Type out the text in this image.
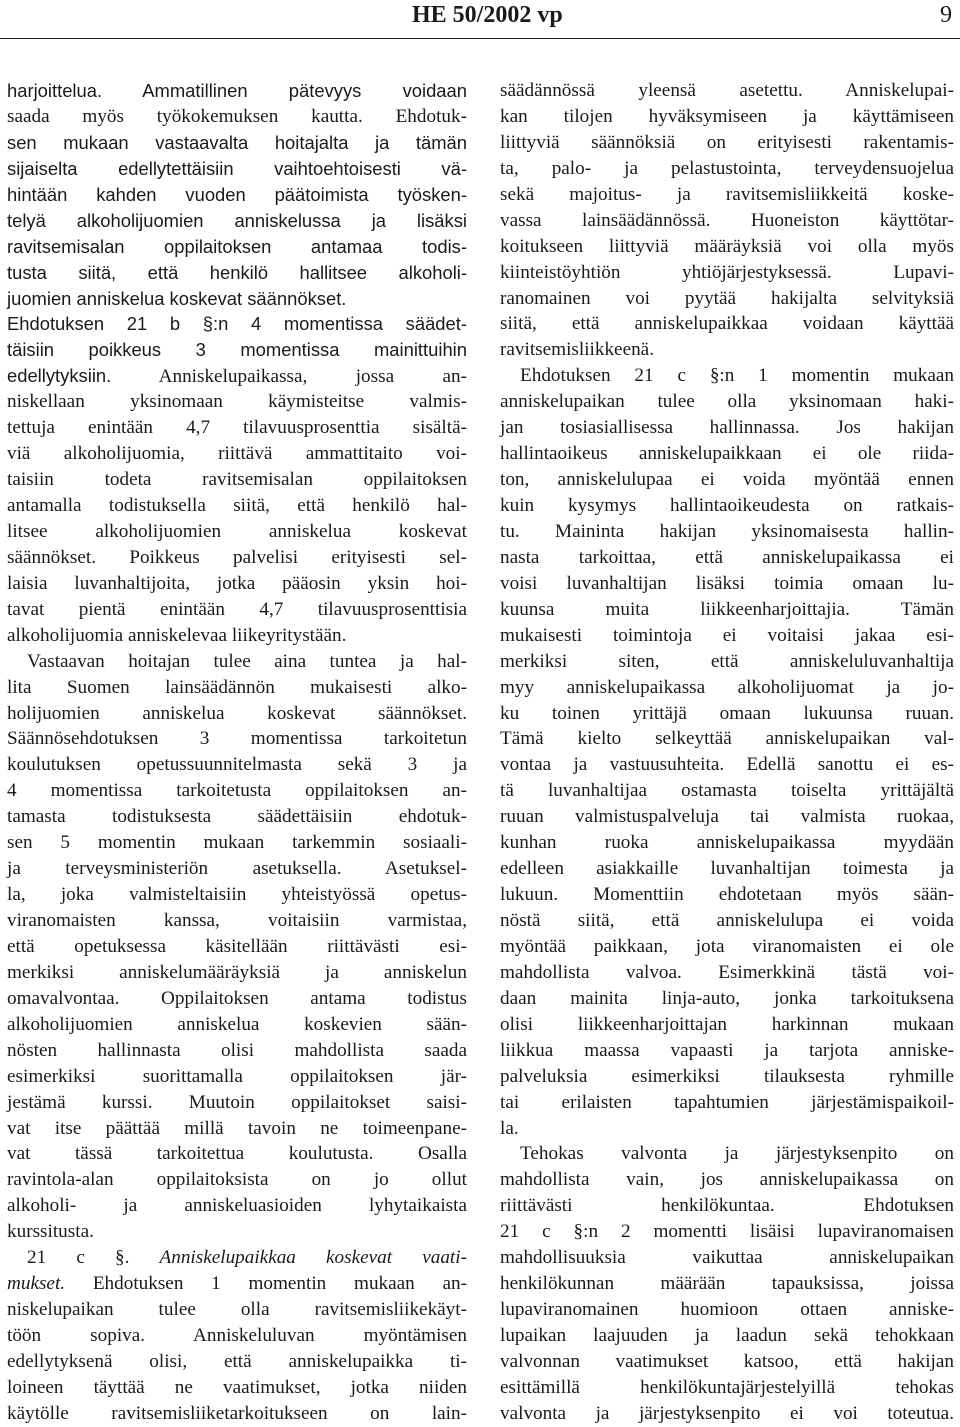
HE 50/2002 vp	9
harjoittelua. Ammatillinen pätevyys voidaan
saada myös työkokemuksen kautta. Ehdotuk-
sen mukaan vastaavalta hoitajalta ja tämän
sijaiselta edellytettäisiin vaihtoehtoisesti vä-
hintään kahden vuoden päätoimista työsken-
telyä alkoholijuomien anniskelussa ja lisäksi
ravitsemisalan oppilaitoksen antamaa todis-
tusta siitä, että henkilö hallitsee alkoholi-
juomien anniskelua koskevat säännökset.
Ehdotuksen 21 b §:n 4 momentissa säädet-
täisiin poikkeus 3 momentissa mainittuihin
edellytyksiin. Anniskelupaikassa, jossa an-
niskellaan yksinomaan käymisteitse valmis-
tettuja enintään 4,7 tilavuusprosenttia sisältä-
viä alkoholijuomia, riittävä ammattitaito voi-
taisiin todeta ravitsemisalan oppilaitoksen
antamalla todistuksella siitä, että henkilö hal-
litsee alkoholijuomien anniskelua koskevat
säännökset. Poikkeus palvelisi erityisesti sel-
laisia luvanhaltijoita, jotka pääosin yksin hoi-
tavat pientä enintään 4,7 tilavuusprosenttisia
alkoholijuomia anniskelevaa liikeyritystään.
Vastaavan hoitajan tulee aina tuntea ja hal-
lita Suomen lainsäädännön mukaisesti alko-
holijuomien anniskelua koskevat säännökset.
Säännösehdotuksen 3 momentissa tarkoitetun
koulutuksen opetussuunnitelmasta sekä 3 ja
4 momentissa tarkoitetusta oppilaitoksen an-
tamasta todistuksesta säädettäisiin ehdotuk-
sen 5 momentin mukaan tarkemmin sosiaali-
ja terveysministeriön asetuksella. Asetuksel-
la, joka valmisteltaisiin yhteistyössä opetus-
viranomaisten kanssa, voitaisiin varmistaa,
että opetuksessa käsitellään riittävästi esi-
merkiksi anniskelumääräyksiä ja anniskelun
omavalvontaa. Oppilaitoksen antama todistus
alkoholijuomien anniskelua koskevien sään-
nösten hallinnasta olisi mahdollista saada
esimerkiksi suorittamalla oppilaitoksen jär-
jestämä kurssi. Muutoin oppilaitokset saisi-
vat itse päättää millä tavoin ne toimeenpane-
vat tässä tarkoitettua koulutusta. Osalla
ravintola-alan oppilaitoksista on jo ollut
alkoholi- ja anniskeluasioiden lyhytaikaista
kurssitusta.
21 c §. Anniskelupaikkaa koskevat vaati-
mukset. Ehdotuksen 1 momentin mukaan an-
niskelupaikan tulee olla ravitsemisliikekäyt-
töön sopiva. Anniskeluluvan myöntämisen
edellytyksenä olisi, että anniskelupaikka ti-
loineen täyttää ne vaatimukset, jotka niiden
käytölle ravitsemisliiketarkoitukseen on lain-
säädännössä yleensä asetettu. Anniskelupai-
kan tilojen hyväksymiseen ja käyttämiseen
liittyviä säännöksiä on erityisesti rakentamis-
ta, palo- ja pelastustointa, terveydensuojelua
sekä majoitus- ja ravitsemisliikkeitä koske-
vassa lainsäädännössä. Huoneiston käyttötar-
koitukseen liittyviä määräyksiä voi olla myös
kiinteistöyhtiön yhtiöjärjestyksessä. Lupavi-
ranomainen voi pyytää hakijalta selvityksiä
siitä, että anniskelupaikkaa voidaan käyttää
ravitsemisliikkeenä.
Ehdotuksen 21 c §:n 1 momentin mukaan
anniskelupaikan tulee olla yksinomaan haki-
jan tosiasiallisessa hallinnassa. Jos hakijan
hallintaoikeus anniskelupaikkaan ei ole riida-
ton, anniskelulupaa ei voida myöntää ennen
kuin kysymys hallintaoikeudesta on ratkais-
tu. Maininta hakijan yksinomaisesta hallin-
nasta tarkoittaa, että anniskelupaikassa ei
voisi luvanhaltijan lisäksi toimia omaan lu-
kuunsa muita liikkeenharjoittajia. Tämän
mukaisesti toimintoja ei voitaisi jakaa esi-
merkiksi siten, että anniskeluluvanhaltija
myy anniskelupaikassa alkoholijuomat ja jo-
ku toinen yrittäjä omaan lukuunsa ruuan.
Tämä kielto selkeyttää anniskelupaikan val-
vontaa ja vastuusuhteita. Edellä sanottu ei es-
tä luvanhaltijaa ostamasta toiselta yrittäjältä
ruuan valmistuspalveluja tai valmista ruokaa,
kunhan ruoka anniskelupaikassa myydään
edelleen asiakkaille luvanhaltijan toimesta ja
lukuun. Momenttiin ehdotetaan myös sään-
nöstä siitä, että anniskelulupa ei voida
myöntää paikkaan, jota viranomaisten ei ole
mahdollista valvoa. Esimerkkinä tästä voi-
daan mainita linja-auto, jonka tarkoituksena
olisi liikkeenharjoittajan harkinnan mukaan
liikkua maassa vapaasti ja tarjota anniske-
palveluksia esimerkiksi tilauksesta ryhmille
tai erilaisten tapahtumien järjestämispaikoil-
la.
Tehokas valvonta ja järjestyksenpito on
mahdollista vain, jos anniskelupaikassa on
riittävästi henkilökuntaa. Ehdotuksen
21 c §:n 2 momentti lisäisi lupaviranomaisen
mahdollisuuksia vaikuttaa anniskelupaikan
henkilökunnan määrään tapauksissa, joissa
lupaviranomainen huomioon ottaen anniske-
lupaikan laajuuden ja laadun sekä tehokkaan
valvonnan vaatimukset katsoo, että hakijan
esittämillä henkilökuntajärjestelyillä tehokas
valvonta ja järjestyksenpito ei voi toteutua.
